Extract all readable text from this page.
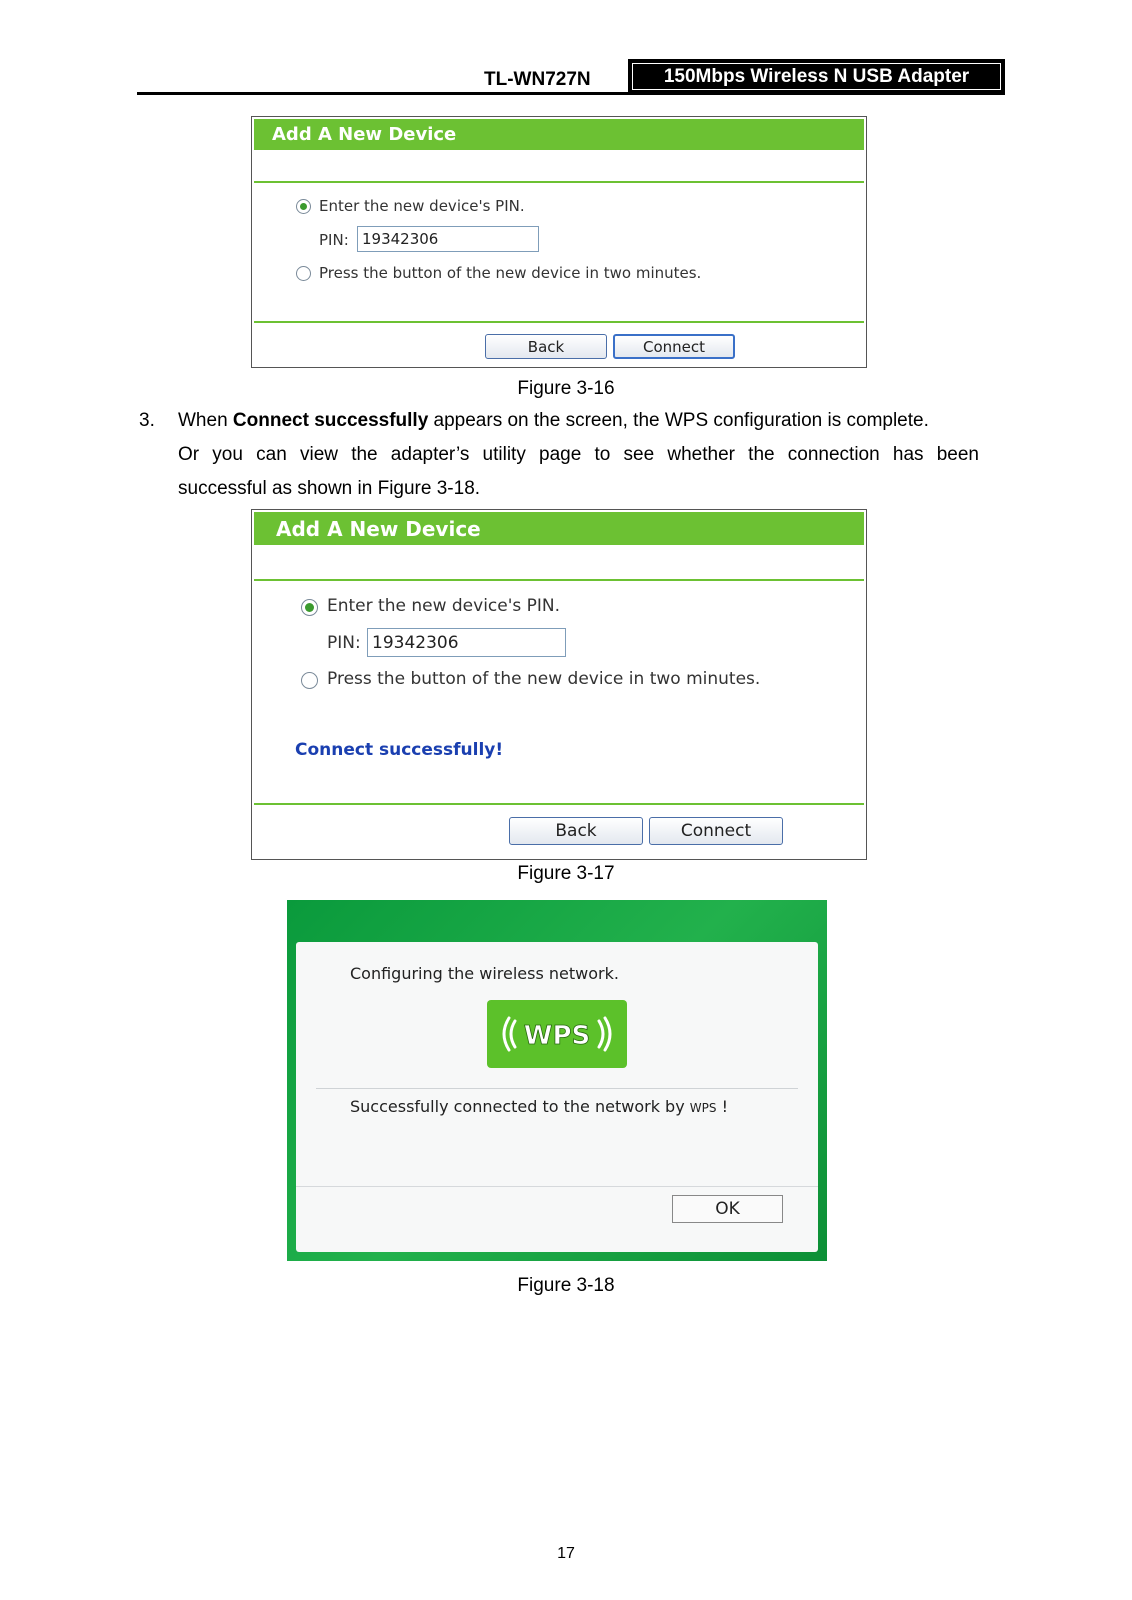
TL-WN727N	150Mbps Wireless N USB Adapter
Add A New Device
Enter the new device's PIN.
PIN: 19342306
Press the button of the new device in two minutes.
Back	Connect
Figure 3-16
3. When Connect successfully appears on the screen, the WPS configuration is complete.
Or you can view the adapter’s utility page to see whether the connection has been
successful as shown in Figure 3-18.
Add A New Device
Enter the new device's PIN.
PIN: 19342306
Press the button of the new device in two minutes.
Connect successfully!
Back	Connect
Figure 3-17
Configuring the wireless network.
WPS
Successfully connected to the network by WPS !
OK
Figure 3-18
17
